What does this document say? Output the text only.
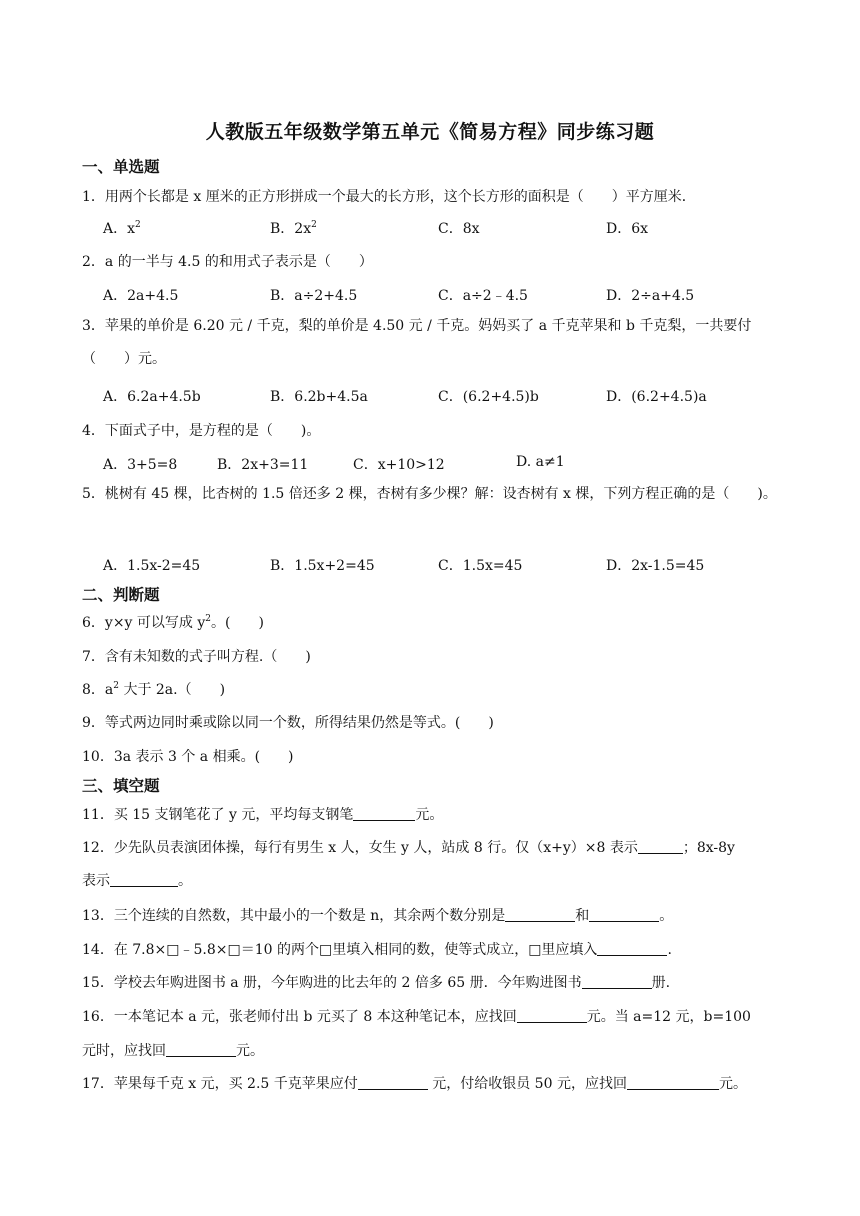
人教版五年级数学第五单元《简易方程》同步练习题
一、单选题
1．用两个长都是 x 厘米的正方形拼成一个最大的长方形，这个长方形的面积是（　　）平方厘米．
A．$x^2$	B．$2x^2$	C．8x	D．6x
2．a 的一半与 4.5 的和用式子表示是（　　）
A．2a+4.5	B．a÷2+4.5	C．a÷2﹣4.5	D．2÷a+4.5
3．苹果的单价是 6.20 元 / 千克，梨的单价是 4.50 元 / 千克。妈妈买了 a 千克苹果和 b 千克梨，一共要付（　　）元。
A．6.2a+4.5b	B．6.2b+4.5a	C．(6.2+4.5)b	D．(6.2+4.5)a
4．下面式子中，是方程的是（　　)。
A．3+5=8	B．2x+3=11	C．x+10>12	D. a≠1
5．桃树有 45 棵，比杏树的 1.5 倍还多 2 棵，杏树有多少棵？解：设杏树有 x 棵，下列方程正确的是（　　)。
A．1.5x-2=45	B．1.5x+2=45	C．1.5x=45	D．2x-1.5=45
二、判断题
6．y×y 可以写成 $y^2$。(　　)
7．含有未知数的式子叫方程.（　　)
8．$a^2$ 大于 2a.（　　)
9．等式两边同时乘或除以同一个数，所得结果仍然是等式。(　　)
10．3a 表示 3 个 a 相乘。(　　)
三、填空题
11．买 15 支钢笔花了 y 元，平均每支钢笔	元。
12．少先队员表演团体操，每行有男生 x 人，女生 y 人，站成 8 行。仅（x+y）×8 表示	；8x-8y
表示	。
13．三个连续的自然数，其中最小的一个数是 n，其余两个数分别是	和	。
14．在 7.8×□﹣5.8×□＝10 的两个□里填入相同的数，使等式成立，□里应填入	.
15．学校去年购进图书 a 册，今年购进的比去年的 2 倍多 65 册．今年购进图书	册.
16．一本笔记本 a 元，张老师付出 b 元买了 8 本这种笔记本，应找回	元。当 a=12 元，b=100
元时，应找回	元。
17．苹果每千克 x 元，买 2.5 千克苹果应付	元，付给收银员 50 元，应找回	元。
